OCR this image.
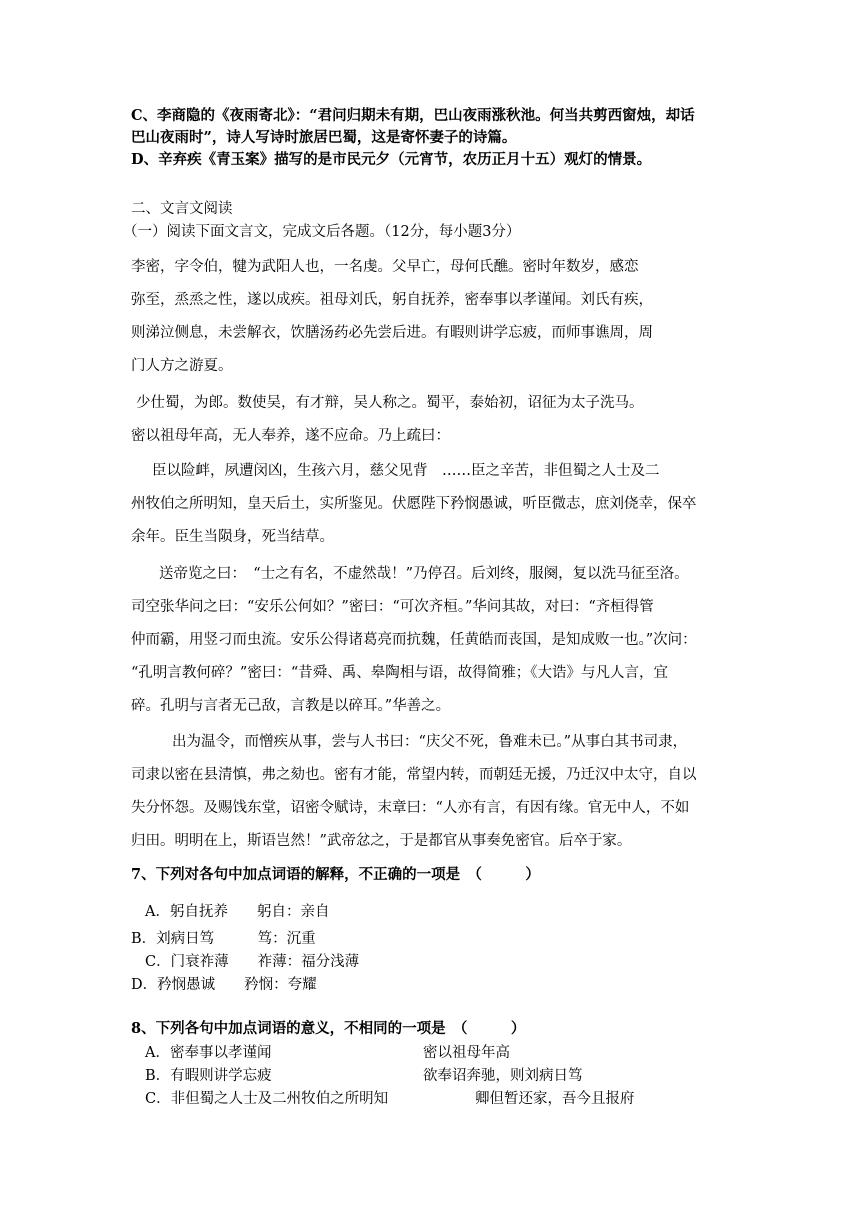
C、李商隐的《夜雨寄北》：“君问归期未有期，巴山夜雨涨秋池。何当共剪西窗烛，却话
巴山夜雨时”，诗人写诗时旅居巴蜀，这是寄怀妻子的诗篇。
D、辛弃疾《青玉案》描写的是市民元夕（元宵节，农历正月十五）观灯的情景。
二、文言文阅读
（一）阅读下面文言文，完成文后各题。（12分，每小题3分）
李密，字令伯，犍为武阳人也，一名虔。父早亡，母何氏醮。密时年数岁，感恋
弥至，烝烝之性，遂以成疾。祖母刘氏，躬自抚养，密奉事以孝谨闻。刘氏有疾，
则涕泣侧息，未尝解衣，饮膳汤药必先尝后进。有暇则讲学忘疲，而师事谯周，周
门人方之游夏。
少仕蜀，为郎。数使吴，有才辩，吴人称之。蜀平，泰始初，诏征为太子洗马。
密以祖母年高，无人奉养，遂不应命。乃上疏曰：
臣以险衅，夙遭闵凶，生孩六月，慈父见背　……臣之辛苦，非但蜀之人士及二
州牧伯之所明知，皇天后土，实所鉴见。伏愿陛下矜悯愚诚，听臣微志，庶刘侥幸，保卒
余年。臣生当陨身，死当结草。
送帝览之曰：　“士之有名，不虚然哉！”乃停召。后刘终，服阕，复以洗马征至洛。
司空张华问之曰：“安乐公何如？”密曰：“可次齐桓。”华问其故，对曰：“齐桓得管
仲而霸，用竖刁而虫流。安乐公得诸葛亮而抗魏，任黄皓而丧国，是知成败一也。”次问：
“孔明言教何碎？”密曰：“昔舜、禹、皋陶相与语，故得简雅；《大诰》与凡人言，宜
碎。孔明与言者无己敌，言教是以碎耳。”华善之。
出为温令，而憎疾从事，尝与人书曰：“庆父不死，鲁难未已。”从事白其书司隶，
司隶以密在县清慎，弗之劾也。密有才能，常望内转，而朝廷无援，乃迁汉中太守，自以
失分怀怨。及赐饯东堂，诏密令赋诗，末章曰：“人亦有言，有因有缘。官无中人，不如
归田。明明在上，斯语岂然！”武帝忿之，于是都官从事奏免密官。后卒于家。
7、下列对各句中加点词语的解释，不正确的一项是　（　　　）
A．躬自抚养　　躬自：亲自
B．刘病日笃　　　笃：沉重
C．门衰祚薄　　祚薄：福分浅薄
D．矜悯愚诚　　矜悯：夸耀
8、下列各句中加点词语的意义，不相同的一项是　（　　　）
A．密奉事以孝谨闻	密以祖母年高
B．有暇则讲学忘疲	欲奉诏奔驰，则刘病日笃
C．非但蜀之人士及二州牧伯之所明知	卿但暂还家，吾今且报府
